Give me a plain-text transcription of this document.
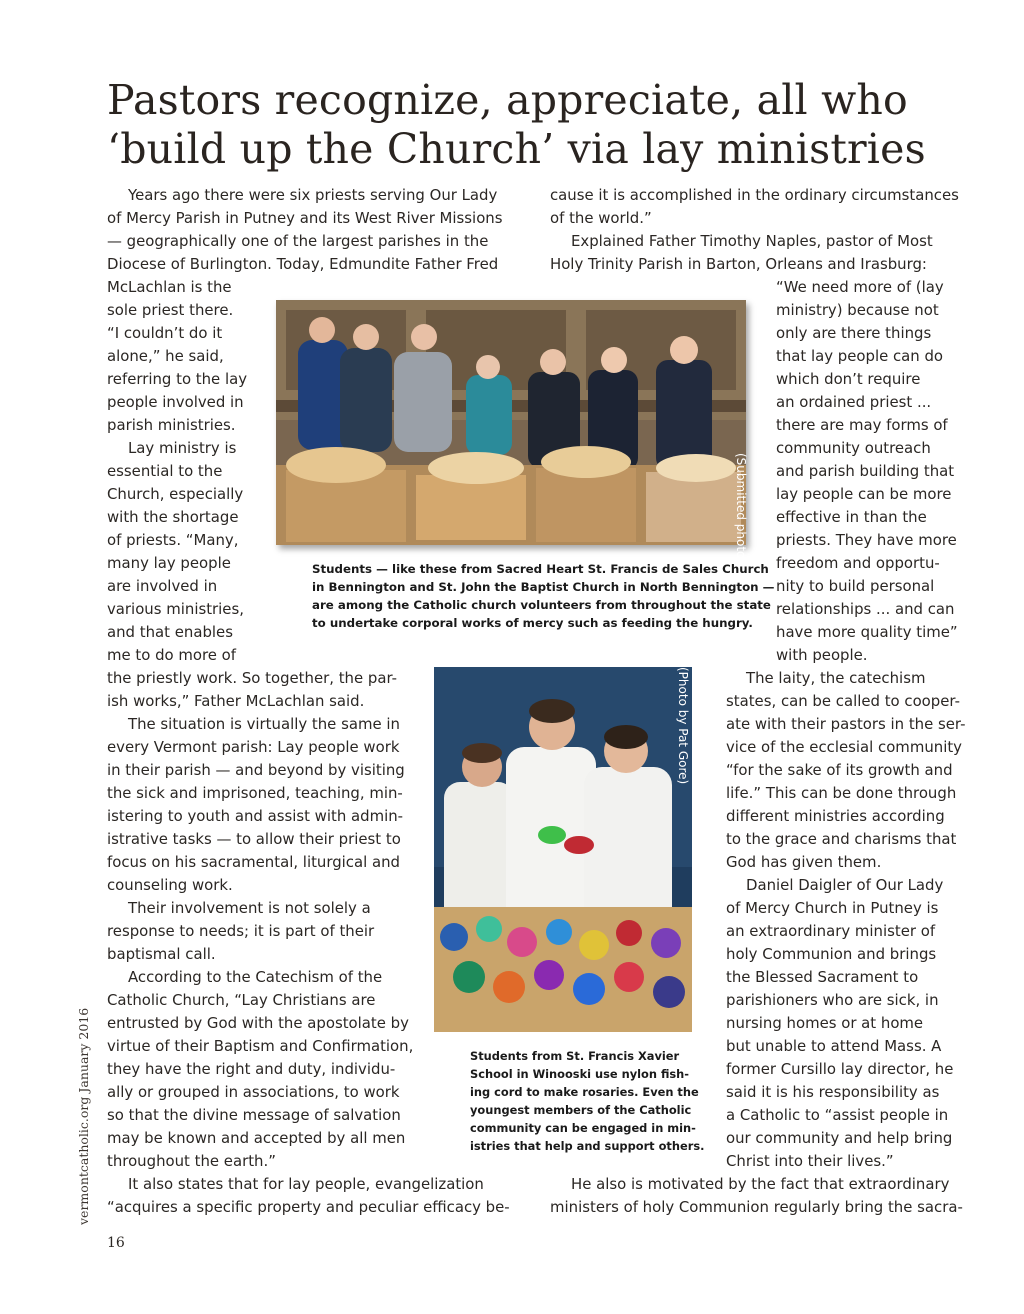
Pastors recognize, appreciate, all who
‘build up the Church’ via lay ministries
Years ago there were six priests serving Our Lady
of Mercy Parish in Putney and its West River Missions
— geographically one of the largest parishes in the
Diocese of Burlington. Today, Edmundite Father Fred
McLachlan is the
sole priest there.
“I couldn’t do it
alone,” he said,
referring to the lay
people involved in
parish ministries.
Lay ministry is
essential to the
Church, especially
with the shortage
of priests. “Many,
many lay people
are involved in
various ministries,
and that enables
me to do more of
the priestly work. So together, the par-
ish works,” Father McLachlan said.
The situation is virtually the same in
every Vermont parish: Lay people work
in their parish — and beyond by visiting
the sick and imprisoned, teaching, min-
istering to youth and assist with admin-
istrative tasks — to allow their priest to
focus on his sacramental, liturgical and
counseling work.
Their involvement is not solely a
response to needs; it is part of their
baptismal call.
According to the Catechism of the
Catholic Church, “Lay Christians are
entrusted by God with the apostolate by
virtue of their Baptism and Confirmation,
they have the right and duty, individu-
ally or grouped in associations, to work
so that the divine message of salvation
may be known and accepted by all men
throughout the earth.”
It also states that for lay people, evangelization
“acquires a specific property and peculiar efficacy be-
cause it is accomplished in the ordinary circumstances
of the world.”
Explained Father Timothy Naples, pastor of Most
Holy Trinity Parish in Barton, Orleans and Irasburg:
“We need more of (lay
ministry) because not
only are there things
that lay people can do
which don’t require
an ordained priest ...
there are may forms of
community outreach
and parish building that
lay people can be more
effective in than the
priests. They have more
freedom and opportu-
nity to build personal
relationships ... and can
have more quality time”
with people.
The laity, the catechism
states, can be called to cooper-
ate with their pastors in the ser-
vice of the ecclesial community
“for the sake of its growth and
life.” This can be done through
different ministries according
to the grace and charisms that
God has given them.
Daniel Daigler of Our Lady
of Mercy Church in Putney is
an extraordinary minister of
holy Communion and brings
the Blessed Sacrament to
parishioners who are sick, in
nursing homes or at home
but unable to attend Mass. A
former Cursillo lay director, he
said it is his responsibility as
a Catholic to “assist people in
our community and help bring
Christ into their lives.”
He also is motivated by the fact that extraordinary
ministers of holy Communion regularly bring the sacra-
(Submitted photo)
Students — like these from Sacred Heart St. Francis de Sales Church
in Bennington and St. John the Baptist Church in North Bennington —
are among the Catholic church volunteers from throughout the state
to undertake corporal works of mercy such as feeding the hungry.
(Photo by Pat Gore)
Students from St. Francis Xavier
School in Winooski use nylon fish-
ing cord to make rosaries. Even the
youngest members of the Catholic
community can be engaged in min-
istries that help and support others.
vermontcatholic.org January 2016
16
